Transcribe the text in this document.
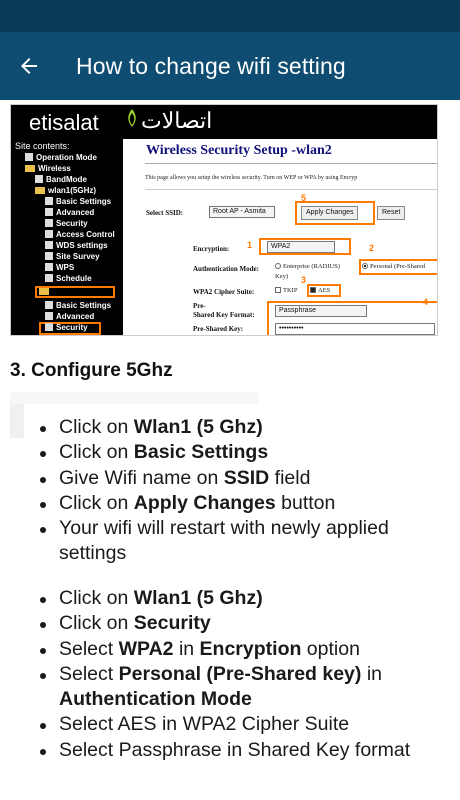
How to change wifi setting
etisalat اتصالات
Site contents:
Operation Mode
Wireless
BandMode
wlan1(5GHz)
Basic Settings
Advanced
Security
Access Control
WDS settings
Site Survey
WPS
Schedule
Basic Settings
Advanced
Security
Wireless Security Setup -wlan2
This page allows you setup the wireless security. Turn on WEP or WPA by using Encryp
5
Select SSID:	Root AP - Asmita	Apply Changes	Reset
Encryption: 1	WPA2	2
Authentication Mode:	Enterprise (RADIUS)	Personal (Pre-Shared
Key) 3
WPA2 Cipher Suite:	TKIP	AES
4
Pre-
Shared Key Format:
Passphrase
Pre-Shared Key:	••••••••••
3. Configure 5Ghz
Click on Wlan1 (5 Ghz)
Click on Basic Settings
Give Wifi name on SSID field
Click on Apply Changes button
Your wifi will restart with newly applied settings
Click on Wlan1 (5 Ghz)
Click on Security
Select WPA2 in Encryption option
Select Personal (Pre-Shared key) in Authentication Mode
Select AES in WPA2 Cipher Suite
Select Passphrase in Shared Key format
